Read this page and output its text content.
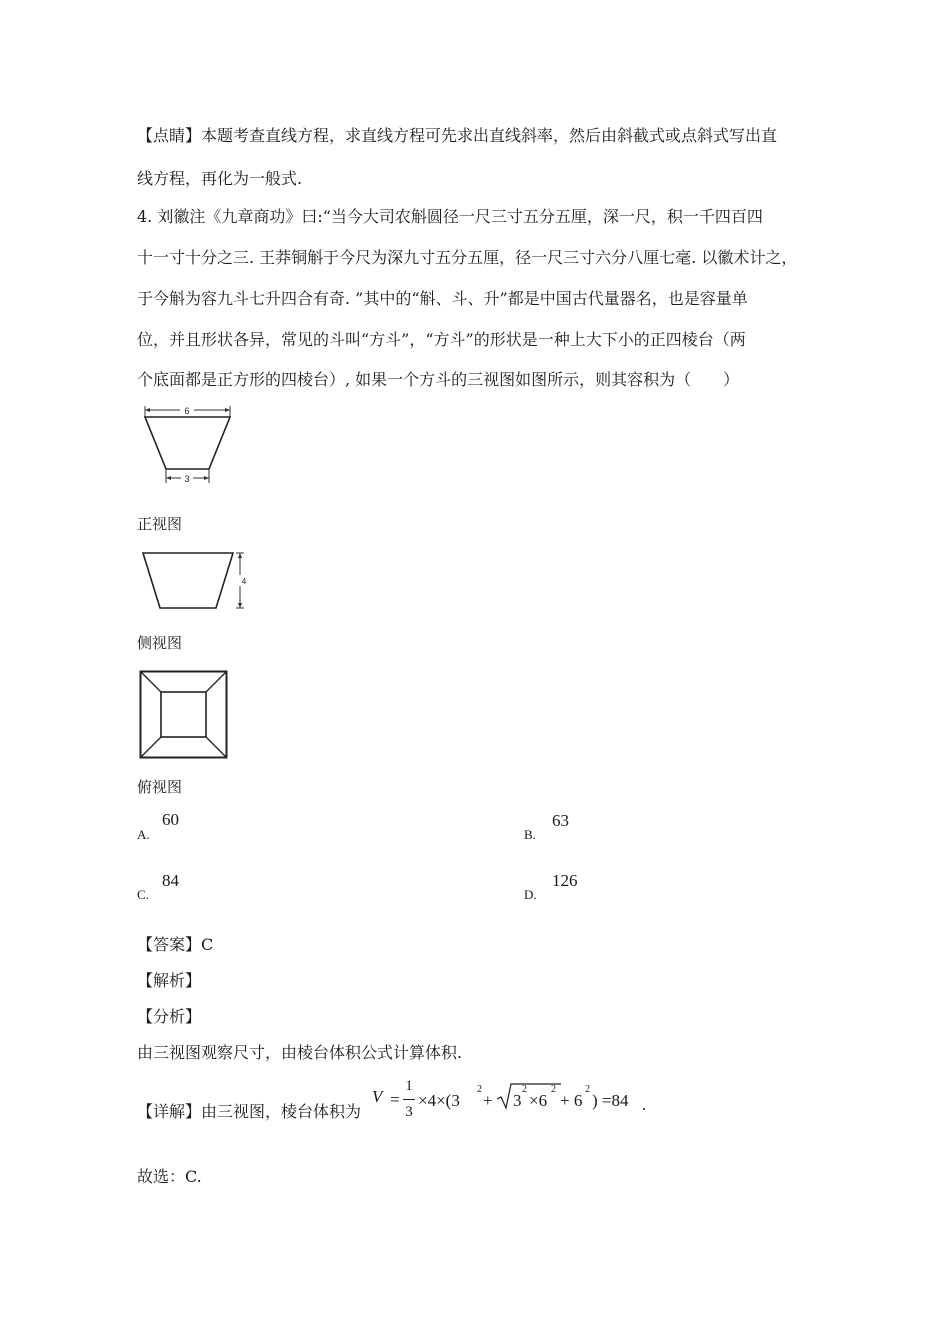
【点睛】本题考查直线方程，求直线方程可先求出直线斜率，然后由斜截式或点斜式写出直
线方程，再化为一般式.
4. 刘徽注《九章商功》曰:“当今大司农斛圆径一尺三寸五分五厘，深一尺，积一千四百四
十一寸十分之三. 王莽铜斛于今尺为深九寸五分五厘，径一尺三寸六分八厘七毫. 以徽术计之，
于今斛为容九斗七升四合有奇. ”其中的“斛、斗、升”都是中国古代量器名，也是容量单
位，并且形状各异，常见的斗叫“方斗”，“方斗”的形状是一种上大下小的正四棱台（两
个底面都是正方形的四棱台）, 如果一个方斗的三视图如图所示，则其容积为（　　）
6
3
正视图
4
侧视图
俯视图
A.
60
B.
63
C.
84
D.
126
【答案】C
【解析】
【分析】
由三视图观察尺寸，由棱台体积公式计算体积.
【详解】由三视图，棱台体积为
V =
1
3
×4×(3
2
+ 3
2
×6
2
+ 6
2
) =84 .
故选：C.
